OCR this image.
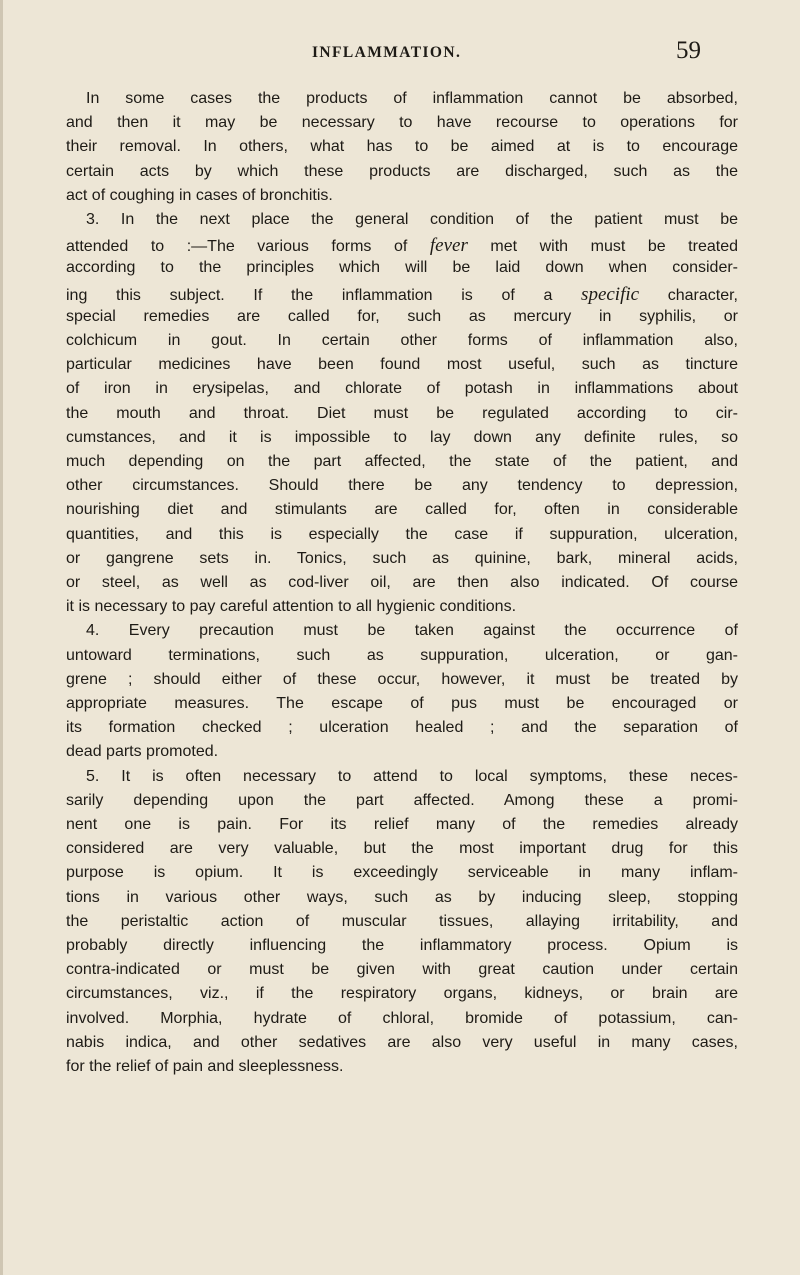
INFLAMMATION.	59
In some cases the products of inflammation cannot be absorbed,
and then it may be necessary to have recourse to operations for
their removal. In others, what has to be aimed at is to encourage
certain acts by which these products are discharged, such as the
act of coughing in cases of bronchitis.
3. In the next place the general condition of the patient must be
attended to :—The various forms of fever met with must be treated
according to the principles which will be laid down when consider-
ing this subject. If the inflammation is of a specific character,
special remedies are called for, such as mercury in syphilis, or
colchicum in gout. In certain other forms of inflammation also,
particular medicines have been found most useful, such as tincture
of iron in erysipelas, and chlorate of potash in inflammations about
the mouth and throat. Diet must be regulated according to cir-
cumstances, and it is impossible to lay down any definite rules, so
much depending on the part affected, the state of the patient, and
other circumstances. Should there be any tendency to depression,
nourishing diet and stimulants are called for, often in considerable
quantities, and this is especially the case if suppuration, ulceration,
or gangrene sets in. Tonics, such as quinine, bark, mineral acids,
or steel, as well as cod-liver oil, are then also indicated. Of course
it is necessary to pay careful attention to all hygienic conditions.
4. Every precaution must be taken against the occurrence of
untoward terminations, such as suppuration, ulceration, or gan-
grene ; should either of these occur, however, it must be treated by
appropriate measures. The escape of pus must be encouraged or
its formation checked ; ulceration healed ; and the separation of
dead parts promoted.
5. It is often necessary to attend to local symptoms, these neces-
sarily depending upon the part affected. Among these a promi-
nent one is pain. For its relief many of the remedies already
considered are very valuable, but the most important drug for this
purpose is opium. It is exceedingly serviceable in many inflam-
tions in various other ways, such as by inducing sleep, stopping
the peristaltic action of muscular tissues, allaying irritability, and
probably directly influencing the inflammatory process. Opium is
contra-indicated or must be given with great caution under certain
circumstances, viz., if the respiratory organs, kidneys, or brain are
involved. Morphia, hydrate of chloral, bromide of potassium, can-
nabis indica, and other sedatives are also very useful in many cases,
for the relief of pain and sleeplessness.
